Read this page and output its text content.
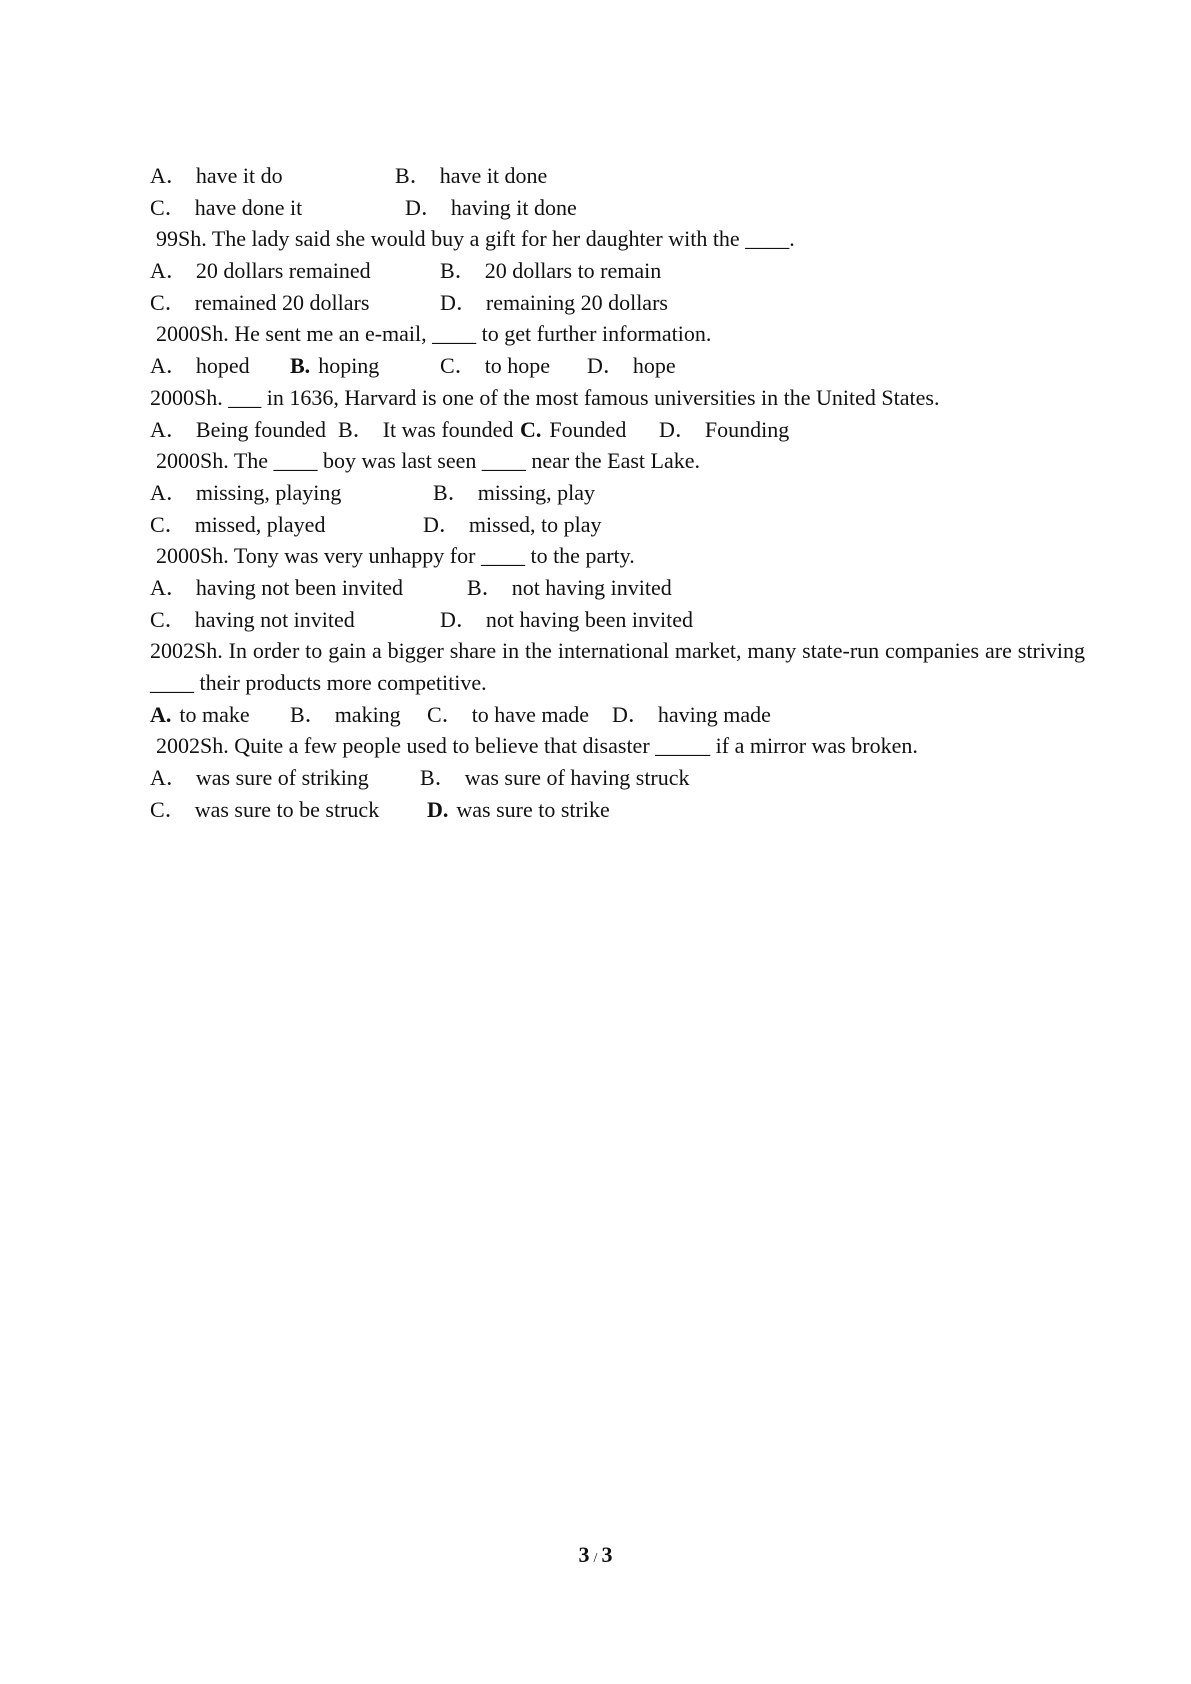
A． have it do	B． have it done
C． have done it	D． having it done
99Sh. The lady said she would buy a gift for her daughter with the ____.
A． 20 dollars remained	B． 20 dollars to remain
C． remained 20 dollars	D． remaining 20 dollars
2000Sh. He sent me an e-mail, ____ to get further information.
A． hoped B. hoping	C． to hope D． hope
2000Sh. ___ in 1636, Harvard is one of the most famous universities in the United States.
A． Being founded B． It was founded C. Founded D． Founding
2000Sh. The ____ boy was last seen ____ near the East Lake.
A． missing, playing	B． missing, play
C． missed, played	D． missed, to play
2000Sh. Tony was very unhappy for ____ to the party.
A． having not been invited	B． not having invited
C． having not invited	D． not having been invited
2002Sh. In order to gain a bigger share in the international market, many state-run companies are striving ____ their products more competitive.
A. to make B． making C． to have made D． having made
2002Sh. Quite a few people used to believe that disaster _____ if a mirror was broken.
A． was sure of striking B． was sure of having struck
C． was sure to be struck D. was sure to strike
3 / 3
